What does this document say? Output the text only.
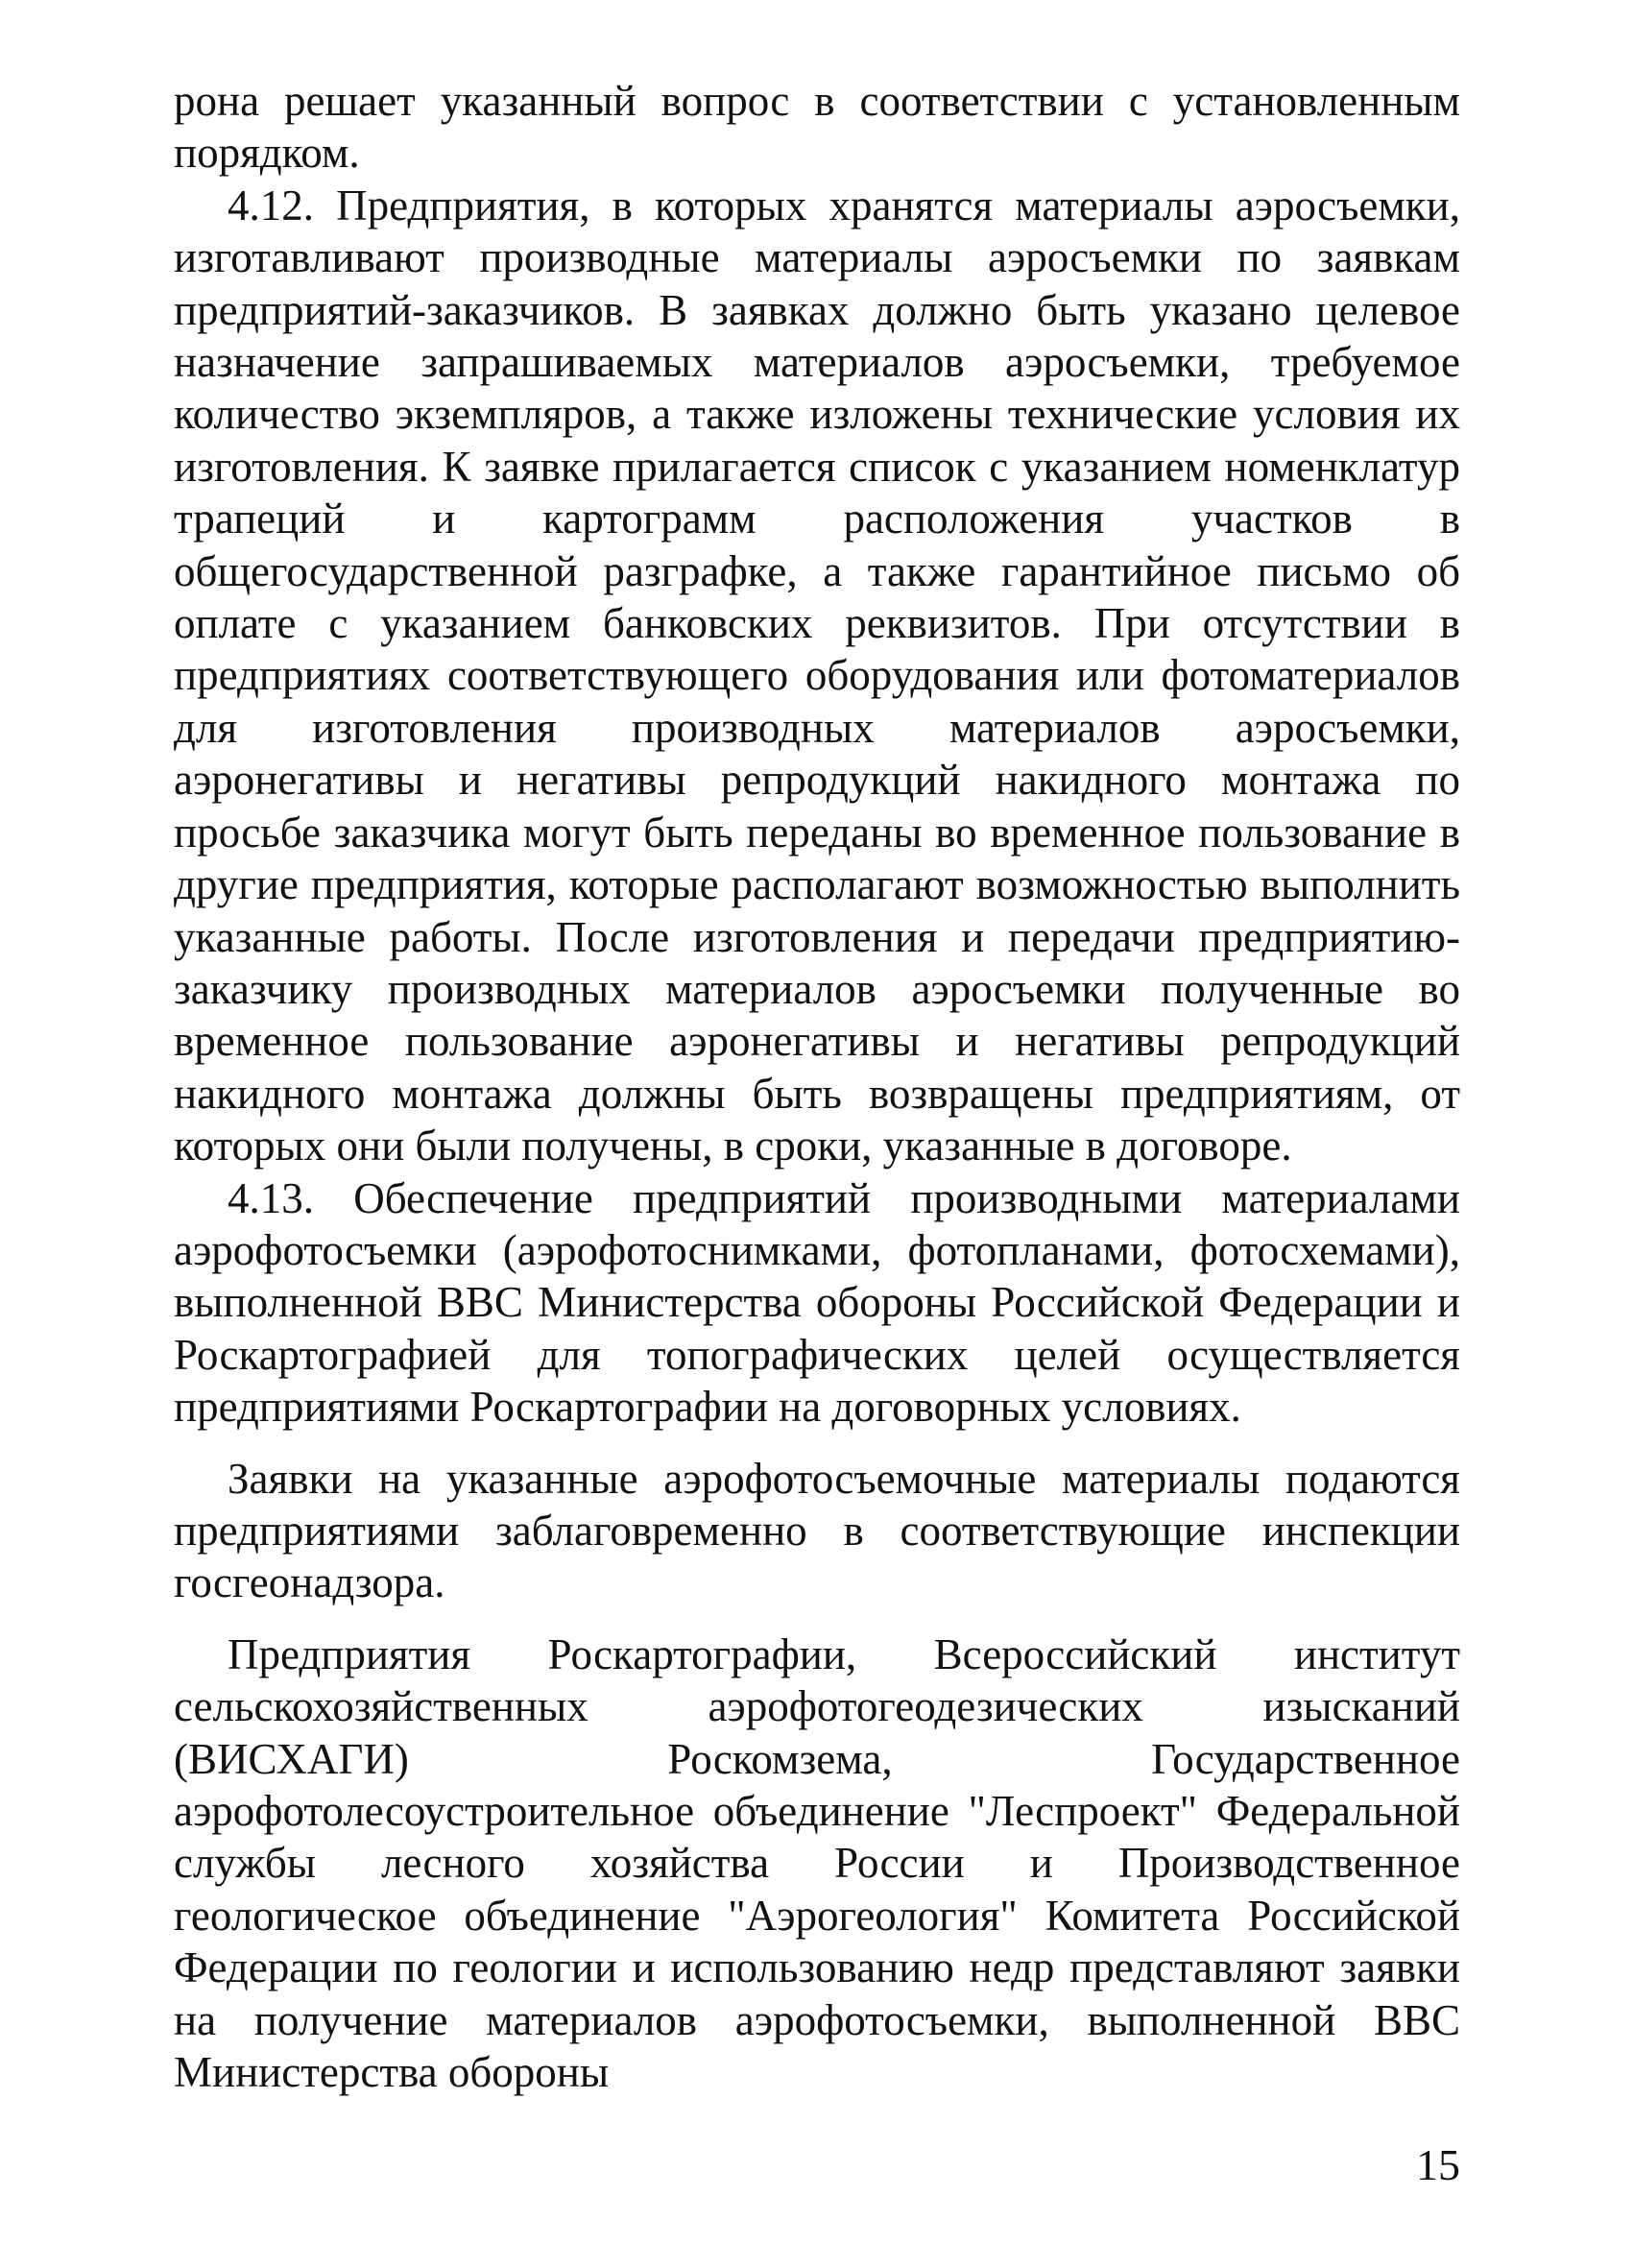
рона решает указанный вопрос в соответствии с установленным порядком.

4.12. Предприятия, в которых хранятся материалы аэросъемки, изготавливают производные материалы аэросъемки по заявкам предприятий-заказчиков. В заявках должно быть указано целевое назначение запрашиваемых материалов аэросъемки, требуемое количество экземпляров, а также изложены технические условия их изготовления. К заявке прилагается список с указанием номенклатур трапеций и картограмм расположения участков в общегосударственной разграфке, а также гарантийное письмо об оплате с указанием банковских реквизитов. При отсутствии в предприятиях соответствующего оборудования или фотоматериалов для изготовления производных материалов аэросъемки, аэронегативы и негативы репродукций накидного монтажа по просьбе заказчика могут быть переданы во временное пользование в другие предприятия, которые располагают возможностью выполнить указанные работы. После изготовления и передачи предприятию-заказчику производных материалов аэросъемки полученные во временное пользование аэронегативы и негативы репродукций накидного монтажа должны быть возвращены предприятиям, от которых они были получены, в сроки, указанные в договоре.

4.13. Обеспечение предприятий производными материалами аэрофотосъемки (аэрофотоснимками, фотопланами, фотосхемами), выполненной ВВС Министерства обороны Российской Федерации и Роскартографией для топографических целей осуществляется предприятиями Роскартографии на договорных условиях.

Заявки на указанные аэрофотосъемочные материалы подаются предприятиями заблаговременно в соответствующие инспекции госгеонадзора.

Предприятия Роскартографии, Всероссийский институт сельскохозяйственных аэрофотогеодезических изысканий (ВИСХАГИ) Роскомзема, Государственное аэрофотолесоустроительное объединение "Леспроект" Федеральной службы лесного хозяйства России и Производственное геологическое объединение "Аэрогеология" Комитета Российской Федерации по геологии и использованию недр представляют заявки на получение материалов аэрофотосъемки, выполненной ВВС Министерства обороны

15
